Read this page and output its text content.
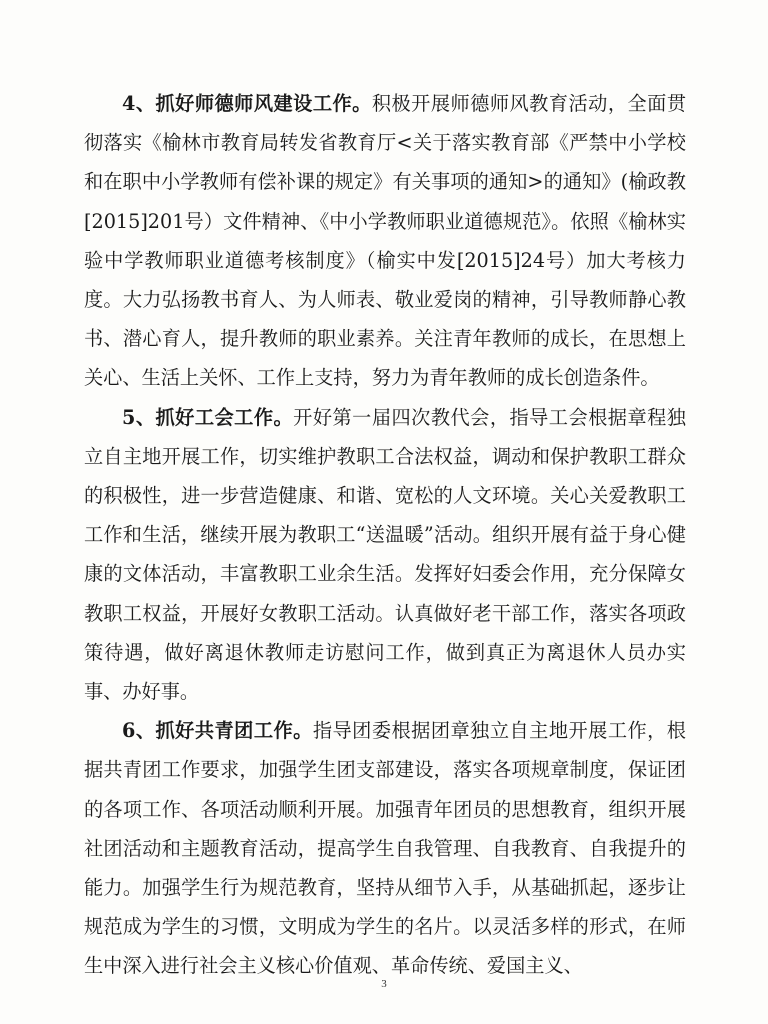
4、抓好师德师风建设工作。积极开展师德师风教育活动，全面贯彻落实《榆林市教育局转发省教育厅<关于落实教育部《严禁中小学校和在职中小学教师有偿补课的规定》有关事项的通知>的通知》(榆政教[2015]201号）文件精神、《中小学教师职业道德规范》。依照《榆林实验中学教师职业道德考核制度》（榆实中发[2015]24号）加大考核力度。大力弘扬教书育人、为人师表、敬业爱岗的精神，引导教师静心教书、潜心育人，提升教师的职业素养。关注青年教师的成长，在思想上关心、生活上关怀、工作上支持，努力为青年教师的成长创造条件。

5、抓好工会工作。开好第一届四次教代会，指导工会根据章程独立自主地开展工作，切实维护教职工合法权益，调动和保护教职工群众的积极性，进一步营造健康、和谐、宽松的人文环境。关心关爱教职工工作和生活，继续开展为教职工“送温暖”活动。组织开展有益于身心健康的文体活动，丰富教职工业余生活。发挥好妇委会作用，充分保障女教职工权益，开展好女教职工活动。认真做好老干部工作，落实各项政策待遇，做好离退休教师走访慰问工作，做到真正为离退休人员办实事、办好事。

6、抓好共青团工作。指导团委根据团章独立自主地开展工作，根据共青团工作要求，加强学生团支部建设，落实各项规章制度，保证团的各项工作、各项活动顺利开展。加强青年团员的思想教育，组织开展社团活动和主题教育活动，提高学生自我管理、自我教育、自我提升的能力。加强学生行为规范教育，坚持从细节入手，从基础抓起，逐步让规范成为学生的习惯，文明成为学生的名片。以灵活多样的形式，在师生中深入进行社会主义核心价值观、革命传统、爱国主义、

3
